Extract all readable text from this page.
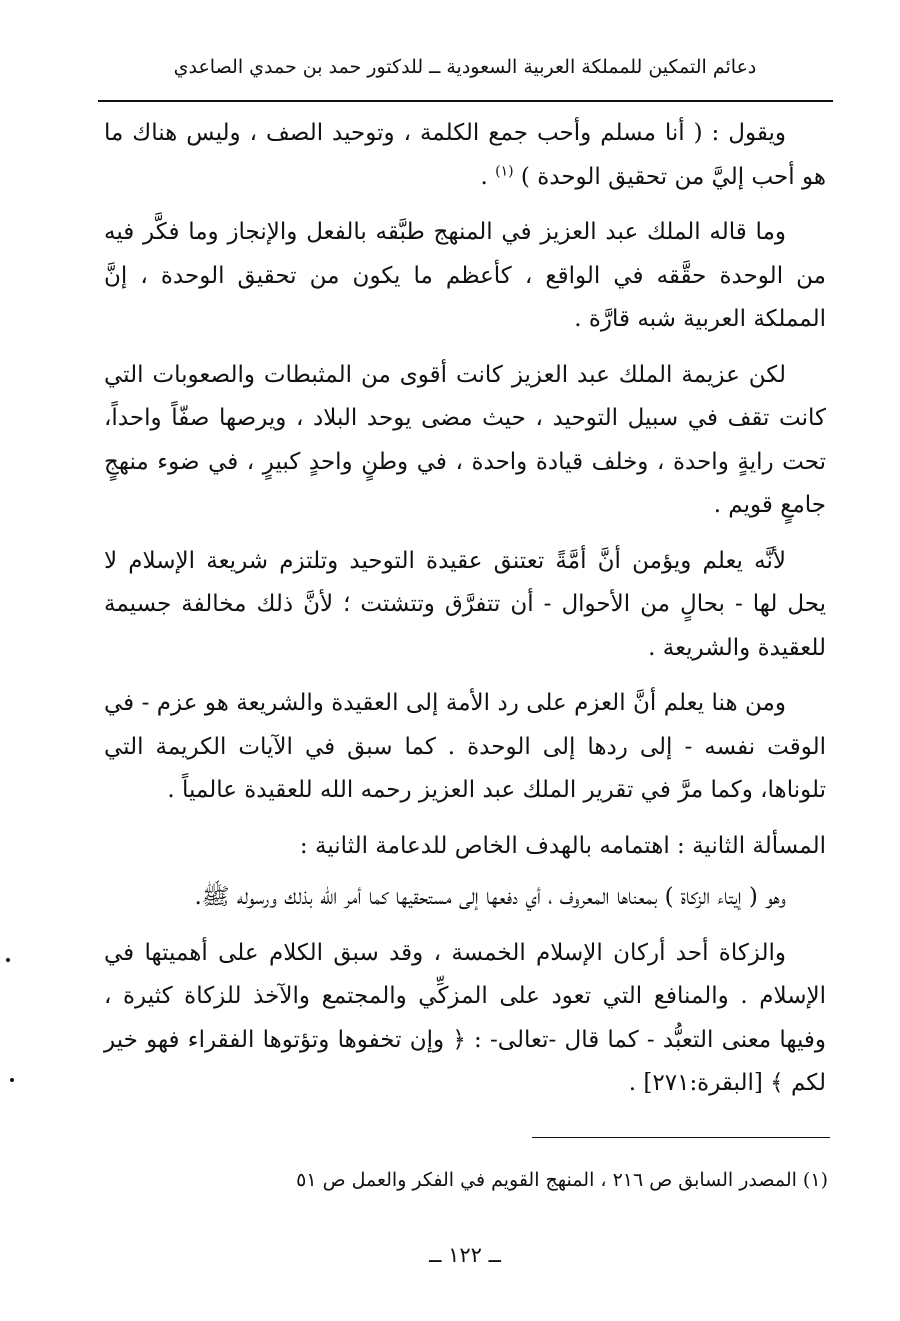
دعائم التمكين للمملكة العربية السعودية ــ للدكتور حمد بن حمدي الصاعدي

ويقول : ( أنا مسلم وأحب جمع الكلمة ، وتوحيد الصف ، وليس هناك ما هو أحب إليَّ من تحقيق الوحدة ) $^{(١)}$ .

وما قاله الملك عبد العزيز في المنهج طبَّقه بالفعل والإنجاز وما فكَّر فيه من الوحدة حقَّقه في الواقع ، كأعظم ما يكون من تحقيق الوحدة ، إنَّ المملكة العربية شبه قارَّة .

لكن عزيمة الملك عبد العزيز كانت أقوى من المثبطات والصعوبات التي كانت تقف في سبيل التوحيد ، حيث مضى يوحد البلاد ، ويرصها صفّاً واحداً، تحت رايةٍ واحدة ، وخلف قيادة واحدة ، في وطنٍ واحدٍ كبيرٍ ، في ضوء منهجٍ جامعٍ قويم .

لأنَّه يعلم ويؤمن أنَّ أمَّةً تعتنق عقيدة التوحيد وتلتزم شريعة الإسلام لا يحل لها - بحالٍ من الأحوال - أن تتفرَّق وتتشتت ؛ لأنَّ ذلك مخالفة جسيمة للعقيدة والشريعة .

ومن هنا يعلم أنَّ العزم على رد الأمة إلى العقيدة والشريعة هو عزم - في الوقت نفسه - إلى ردها إلى الوحدة . كما سبق في الآيات الكريمة التي تلوناها، وكما مرَّ في تقرير الملك عبد العزيز رحمه الله للعقيدة عالمياً .

المسألة الثانية : اهتمامه بالهدف الخاص للدعامة الثانية :

وهو ( إيتاء الزكاة ) بمعناها المعروف ، أي دفعها إلى مستحقيها كما أمر الله بذلك ورسوله ﷺ.

والزكاة أحد أركان الإسلام الخمسة ، وقد سبق الكلام على أهميتها في الإسلام . والمنافع التي تعود على المزكِّي والمجتمع والآخذ للزكاة كثيرة ، وفيها معنى التعبُّد - كما قال -تعالى- : ﴿ وإن تخفوها وتؤتوها الفقراء فهو خير لكم ﴾ [البقرة:٢٧١] .

(١) المصدر السابق ص ٢١٦ ، المنهج القويم في الفكر والعمل ص ٥١
ــ ١٢٢ ــ
